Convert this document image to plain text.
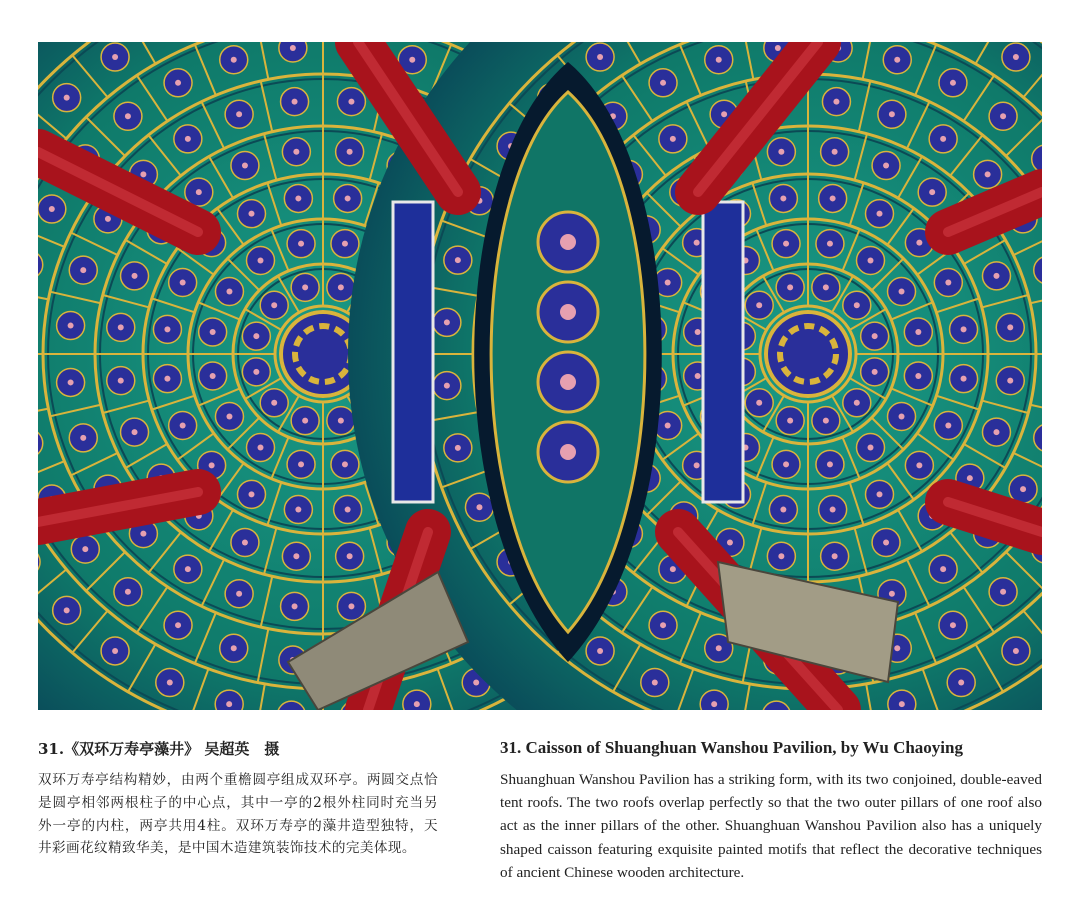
31.《双环万寿亭藻井》 吴超英　摄
双环万寿亭结构精妙，由两个重檐圆亭组成双环亭。两圆交点恰是圆亭相邻两根柱子的中心点，其中一亭的2根外柱同时充当另外一亭的内柱，两亭共用4柱。双环万寿亭的藻井造型独特，天井彩画花纹精致华美，是中国木造建筑装饰技术的完美体现。
31. Caisson of Shuanghuan Wanshou Pavilion, by Wu Chaoying
Shuanghuan Wanshou Pavilion has a striking form, with its two conjoined, double-eaved tent roofs. The two roofs overlap perfectly so that the two outer pillars of one roof also act as the inner pillars of the other. Shuanghuan Wanshou Pavilion also has a uniquely shaped caisson featuring exquisite painted motifs that reflect the decorative techniques of ancient Chinese wooden architecture.
